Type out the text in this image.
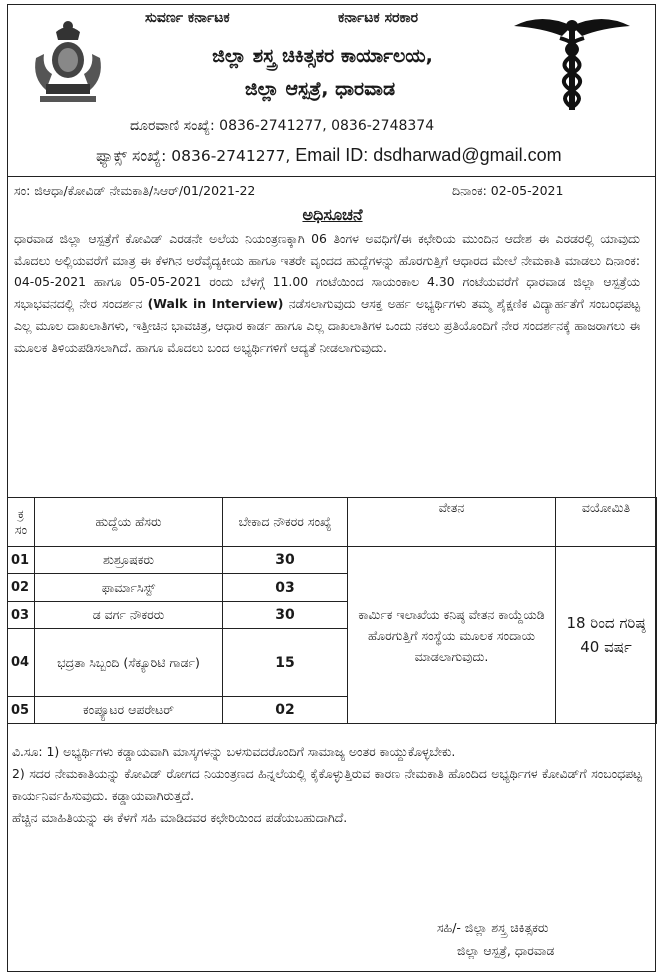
ಸುವರ್ಣ ಕರ್ನಾಟಕ	ಕರ್ನಾಟಕ ಸರಕಾರ
ಜಿಲ್ಲಾ ಶಸ್ತ್ರ ಚಿಕಿತ್ಸಕರ ಕಾರ್ಯಾಲಯ,
ಜಿಲ್ಲಾ ಆಸ್ಪತ್ರೆ, ಧಾರವಾಡ
ದೂರವಾಣಿ ಸಂಖ್ಯೆ: 0836-2741277, 0836-2748374
ಫ್ಯಾಕ್ಸ್ ಸಂಖ್ಯೆ: 0836-2741277, Email ID: dsdharwad@gmail.com
ಸಂ: ಜಿಆಧಾ/ಕೋವಿಡ್ ನೇಮಕಾತಿ/ಸಿಆರ್/01/2021-22	ದಿನಾಂಕ: 02-05-2021
ಅಧಿಸೂಚನೆ
ಧಾರವಾಡ ಜಿಲ್ಲಾ ಆಸ್ಪತ್ರೆಗೆ ಕೋವಿಡ್ ಎರಡನೇ ಅಲೆಯ ನಿಯಂತ್ರಣಕ್ಕಾಗಿ 06 ತಿಂಗಳ ಅವಧಿಗೆ/ಈ ಕಛೇರಿಯ ಮುಂದಿನ ಆದೇಶ ಈ ಎರಡರಲ್ಲಿ ಯಾವುದು ಮೊದಲು ಅಲ್ಲಿಯವರೆಗೆ ಮಾತ್ರ ಈ ಕೆಳಗಿನ ಅರೆವೈದ್ಯಕೀಯ ಹಾಗೂ ಇತರೇ ವೃಂದದ ಹುದ್ದೆಗಳನ್ನು ಹೊರಗುತ್ತಿಗೆ ಆಧಾರದ ಮೇಲೆ ನೇಮಕಾತಿ ಮಾಡಲು ದಿನಾಂಕ: 04-05-2021 ಹಾಗೂ 05-05-2021 ರಂದು ಬೆಳಗ್ಗೆ 11.00 ಗಂಟೆಯಿಂದ ಸಾಯಂಕಾಲ 4.30 ಗಂಟೆಯವರೆಗೆ ಧಾರವಾಡ ಜಿಲ್ಲಾ ಆಸ್ಪತ್ರೆಯ ಸಭಾಭವನದಲ್ಲಿ ನೇರ ಸಂದರ್ಶನ (Walk in Interview) ನಡೆಸಲಾಗುವುದು ಆಸಕ್ತ ಅರ್ಹ ಅಭ್ಯರ್ಥಿಗಳು ತಮ್ಮ ಶೈಕ್ಷಣಿಕ ವಿದ್ಯಾರ್ಹತೆಗೆ ಸಂಬಂಧಪಟ್ಟ ಎಲ್ಲ ಮೂಲ ದಾಖಲಾತಿಗಳು, ಇತ್ತೀಚಿನ ಭಾವಚಿತ್ರ, ಆಧಾರ ಕಾರ್ಡ ಹಾಗೂ ಎಲ್ಲ ದಾಖಲಾತಿಗಳ ಒಂದು ನಕಲು ಪ್ರತಿಯೊಂದಿಗೆ ನೇರ ಸಂದರ್ಶನಕ್ಕೆ ಹಾಜರಾಗಲು ಈ ಮೂಲಕ ತಿಳಿಯಪಡಿಸಲಾಗಿದೆ. ಹಾಗೂ ಮೊದಲು ಬಂದ ಅಭ್ಯರ್ಥಿಗಳಿಗೆ ಆದ್ಯತೆ ನೀಡಲಾಗುವುದು.
ಕ್ರ ಸಂ	ಹುದ್ದೆಯ ಹೆಸರು	ಬೇಕಾದ ನೌಕರರ ಸಂಖ್ಯೆ	ವೇತನ	ವಯೋಮಿತಿ
01	ಶುಶ್ರೂಷಕರು	30	ಕಾರ್ಮಿಕ ಇಲಾಖೆಯ ಕನಿಷ್ಠ ವೇತನ ಕಾಯ್ದೆಯಡಿ ಹೊರಗುತ್ತಿಗೆ ಸಂಸ್ಥೆಯ ಮೂಲಕ ಸಂದಾಯ ಮಾಡಲಾಗುವುದು.	18 ರಿಂದ ಗರಿಷ್ಠ 40 ವರ್ಷ
02	ಫಾರ್ಮಾಸಿಸ್ಟ್	03		
03	ಡ ವರ್ಗ ನೌಕರರು	30		
04	ಭದ್ರತಾ ಸಿಬ್ಬಂದಿ (ಸೆಕ್ಯೂರಿಟಿ ಗಾರ್ಡ)	15		
05	ಕಂಪ್ಯೂಟರ ಆಪರೇಟರ್	02		

ವಿ.ಸೂ: 1) ಅಭ್ಯರ್ಥಿಗಳು ಕಡ್ಡಾಯವಾಗಿ ಮಾಸ್ಕಗಳನ್ನು ಬಳಸುವದರೊಂದಿಗೆ ಸಾಮಾಜ್ಯ ಅಂತರ ಕಾಯ್ದುಕೊಳ್ಳಬೇಕು.

2) ಸದರ ನೇಮಕಾತಿಯನ್ನು ಕೋವಿಡ್ ರೋಗದ ನಿಯಂತ್ರಣದ ಹಿನ್ನಲೆಯಲ್ಲಿ ಕೈಕೊಳ್ಳುತ್ತಿರುವ ಕಾರಣ ನೇಮಕಾತಿ ಹೊಂದಿದ ಅಭ್ಯರ್ಥಿಗಳ ಕೋವಿಡ್‌ಗೆ ಸಂಬಂಧಪಟ್ಟ ಕಾರ್ಯನಿರ್ವಹಿಸುವುದು. ಕಡ್ಡಾಯವಾಗಿರುತ್ತದೆ.

ಹೆಚ್ಚಿನ ಮಾಹಿತಿಯನ್ನು ಈ ಕೆಳಗೆ ಸಹಿ ಮಾಡಿದವರ ಕಛೇರಿಯಿಂದ ಪಡೆಯಬಹುದಾಗಿದೆ.

ಸಹಿ/- ಜಿಲ್ಲಾ ಶಸ್ತ್ರ ಚಿಕಿತ್ಸಕರು
ಜಿಲ್ಲಾ ಆಸ್ಪತ್ರೆ, ಧಾರವಾಡ
